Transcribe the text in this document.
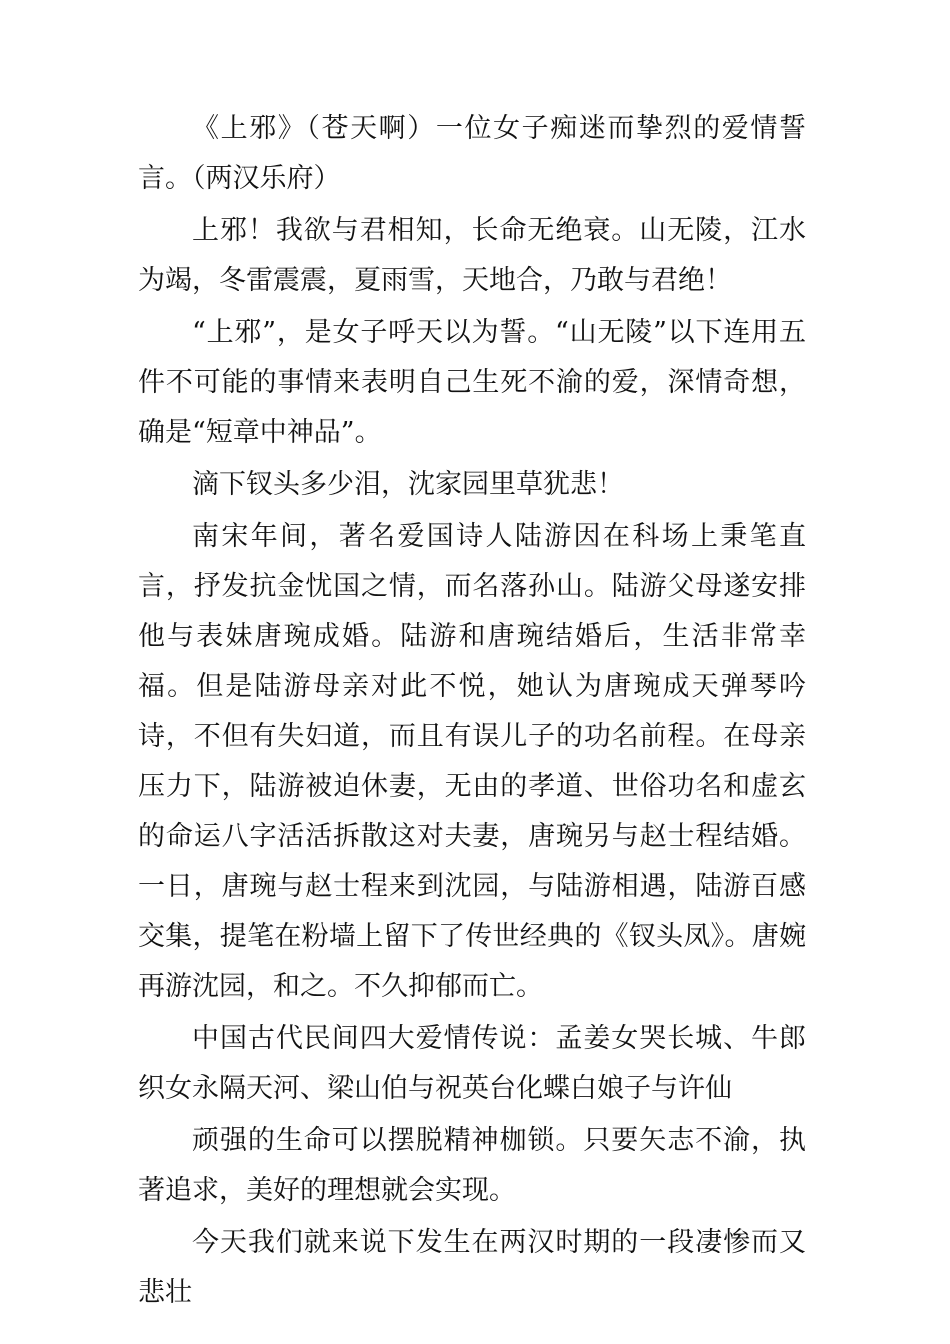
《上邪》（苍天啊）一位女子痴迷而挚烈的爱情誓言。（两汉乐府）

上邪！我欲与君相知，长命无绝衰。山无陵，江水为竭，冬雷震震，夏雨雪，天地合，乃敢与君绝！

“上邪”，是女子呼天以为誓。“山无陵”以下连用五件不可能的事情来表明自己生死不渝的爱，深情奇想，确是“短章中神品”。

滴下钗头多少泪，沈家园里草犹悲！

南宋年间，著名爱国诗人陆游因在科场上秉笔直言，抒发抗金忧国之情，而名落孙山。陆游父母遂安排他与表妹唐琬成婚。陆游和唐琬结婚后，生活非常幸福。但是陆游母亲对此不悦，她认为唐琬成天弹琴吟诗，不但有失妇道，而且有误儿子的功名前程。在母亲压力下，陆游被迫休妻，无由的孝道、世俗功名和虚玄的命运八字活活拆散这对夫妻，唐琬另与赵士程结婚。一日，唐琬与赵士程来到沈园，与陆游相遇，陆游百感交集，提笔在粉墙上留下了传世经典的《钗头凤》。唐婉再游沈园，和之。不久抑郁而亡。

中国古代民间四大爱情传说：孟姜女哭长城、牛郎织女永隔天河、梁山伯与祝英台化蝶白娘子与许仙

顽强的生命可以摆脱精神枷锁。只要矢志不渝，执著追求，美好的理想就会实现。

今天我们就来说下发生在两汉时期的一段凄惨而又悲壮
